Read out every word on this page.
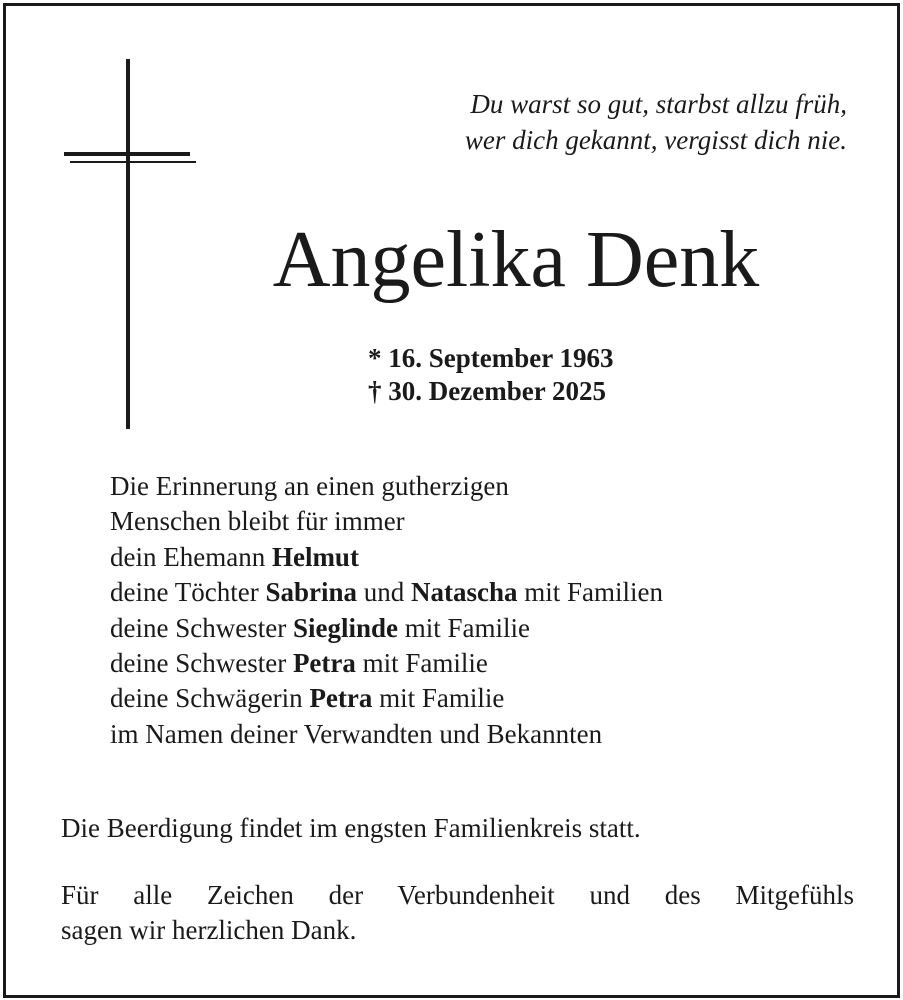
Du warst so gut, starbst allzu früh,
wer dich gekannt, vergisst dich nie.
Angelika Denk
* 16. September 1963
† 30. Dezember 2025
Die Erinnerung an einen gutherzigen
Menschen bleibt für immer
dein Ehemann Helmut
deine Töchter Sabrina und Natascha mit Familien
deine Schwester Sieglinde mit Familie
deine Schwester Petra mit Familie
deine Schwägerin Petra mit Familie
im Namen deiner Verwandten und Bekannten
Die Beerdigung findet im engsten Familienkreis statt.
Für alle Zeichen der Verbundenheit und des Mitgefühls
sagen wir herzlichen Dank.
